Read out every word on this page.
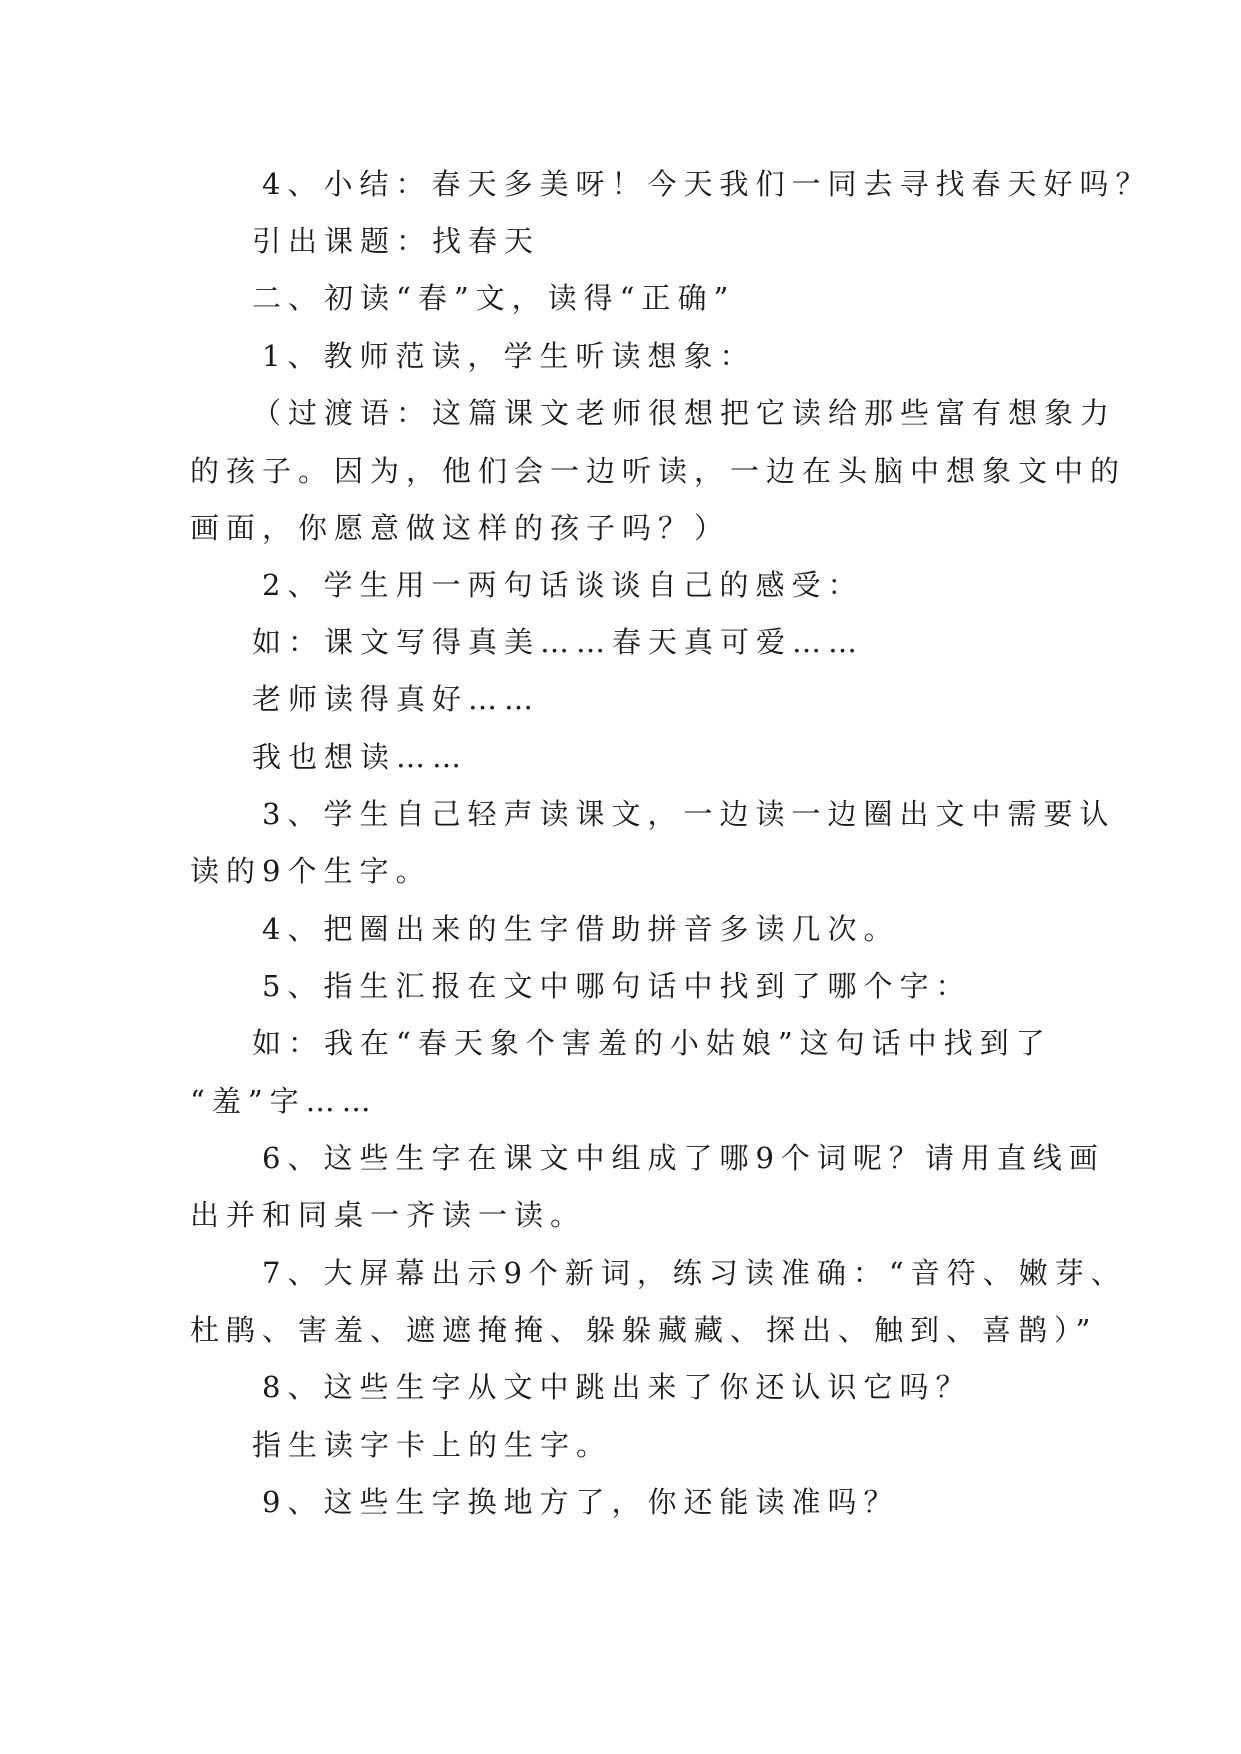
4、小结：春天多美呀！今天我们一同去寻找春天好吗？
引出课题：找春天
二、初读“春”文，读得“正确”
1、教师范读，学生听读想象：
（过渡语：这篇课文老师很想把它读给那些富有想象力
的孩子。因为，他们会一边听读，一边在头脑中想象文中的
画面，你愿意做这样的孩子吗？）
2、学生用一两句话谈谈自己的感受：
如：课文写得真美……春天真可爱……
老师读得真好……
我也想读……
3、学生自己轻声读课文，一边读一边圈出文中需要认
读的9个生字。
4、把圈出来的生字借助拼音多读几次。
5、指生汇报在文中哪句话中找到了哪个字：
如：我在“春天象个害羞的小姑娘”这句话中找到了
“羞”字……
6、这些生字在课文中组成了哪9个词呢？请用直线画
出并和同桌一齐读一读。
7、大屏幕出示9个新词，练习读准确：“音符、嫩芽、
杜鹃、害羞、遮遮掩掩、躲躲藏藏、探出、触到、喜鹊）”
8、这些生字从文中跳出来了你还认识它吗？
指生读字卡上的生字。
9、这些生字换地方了，你还能读准吗？
